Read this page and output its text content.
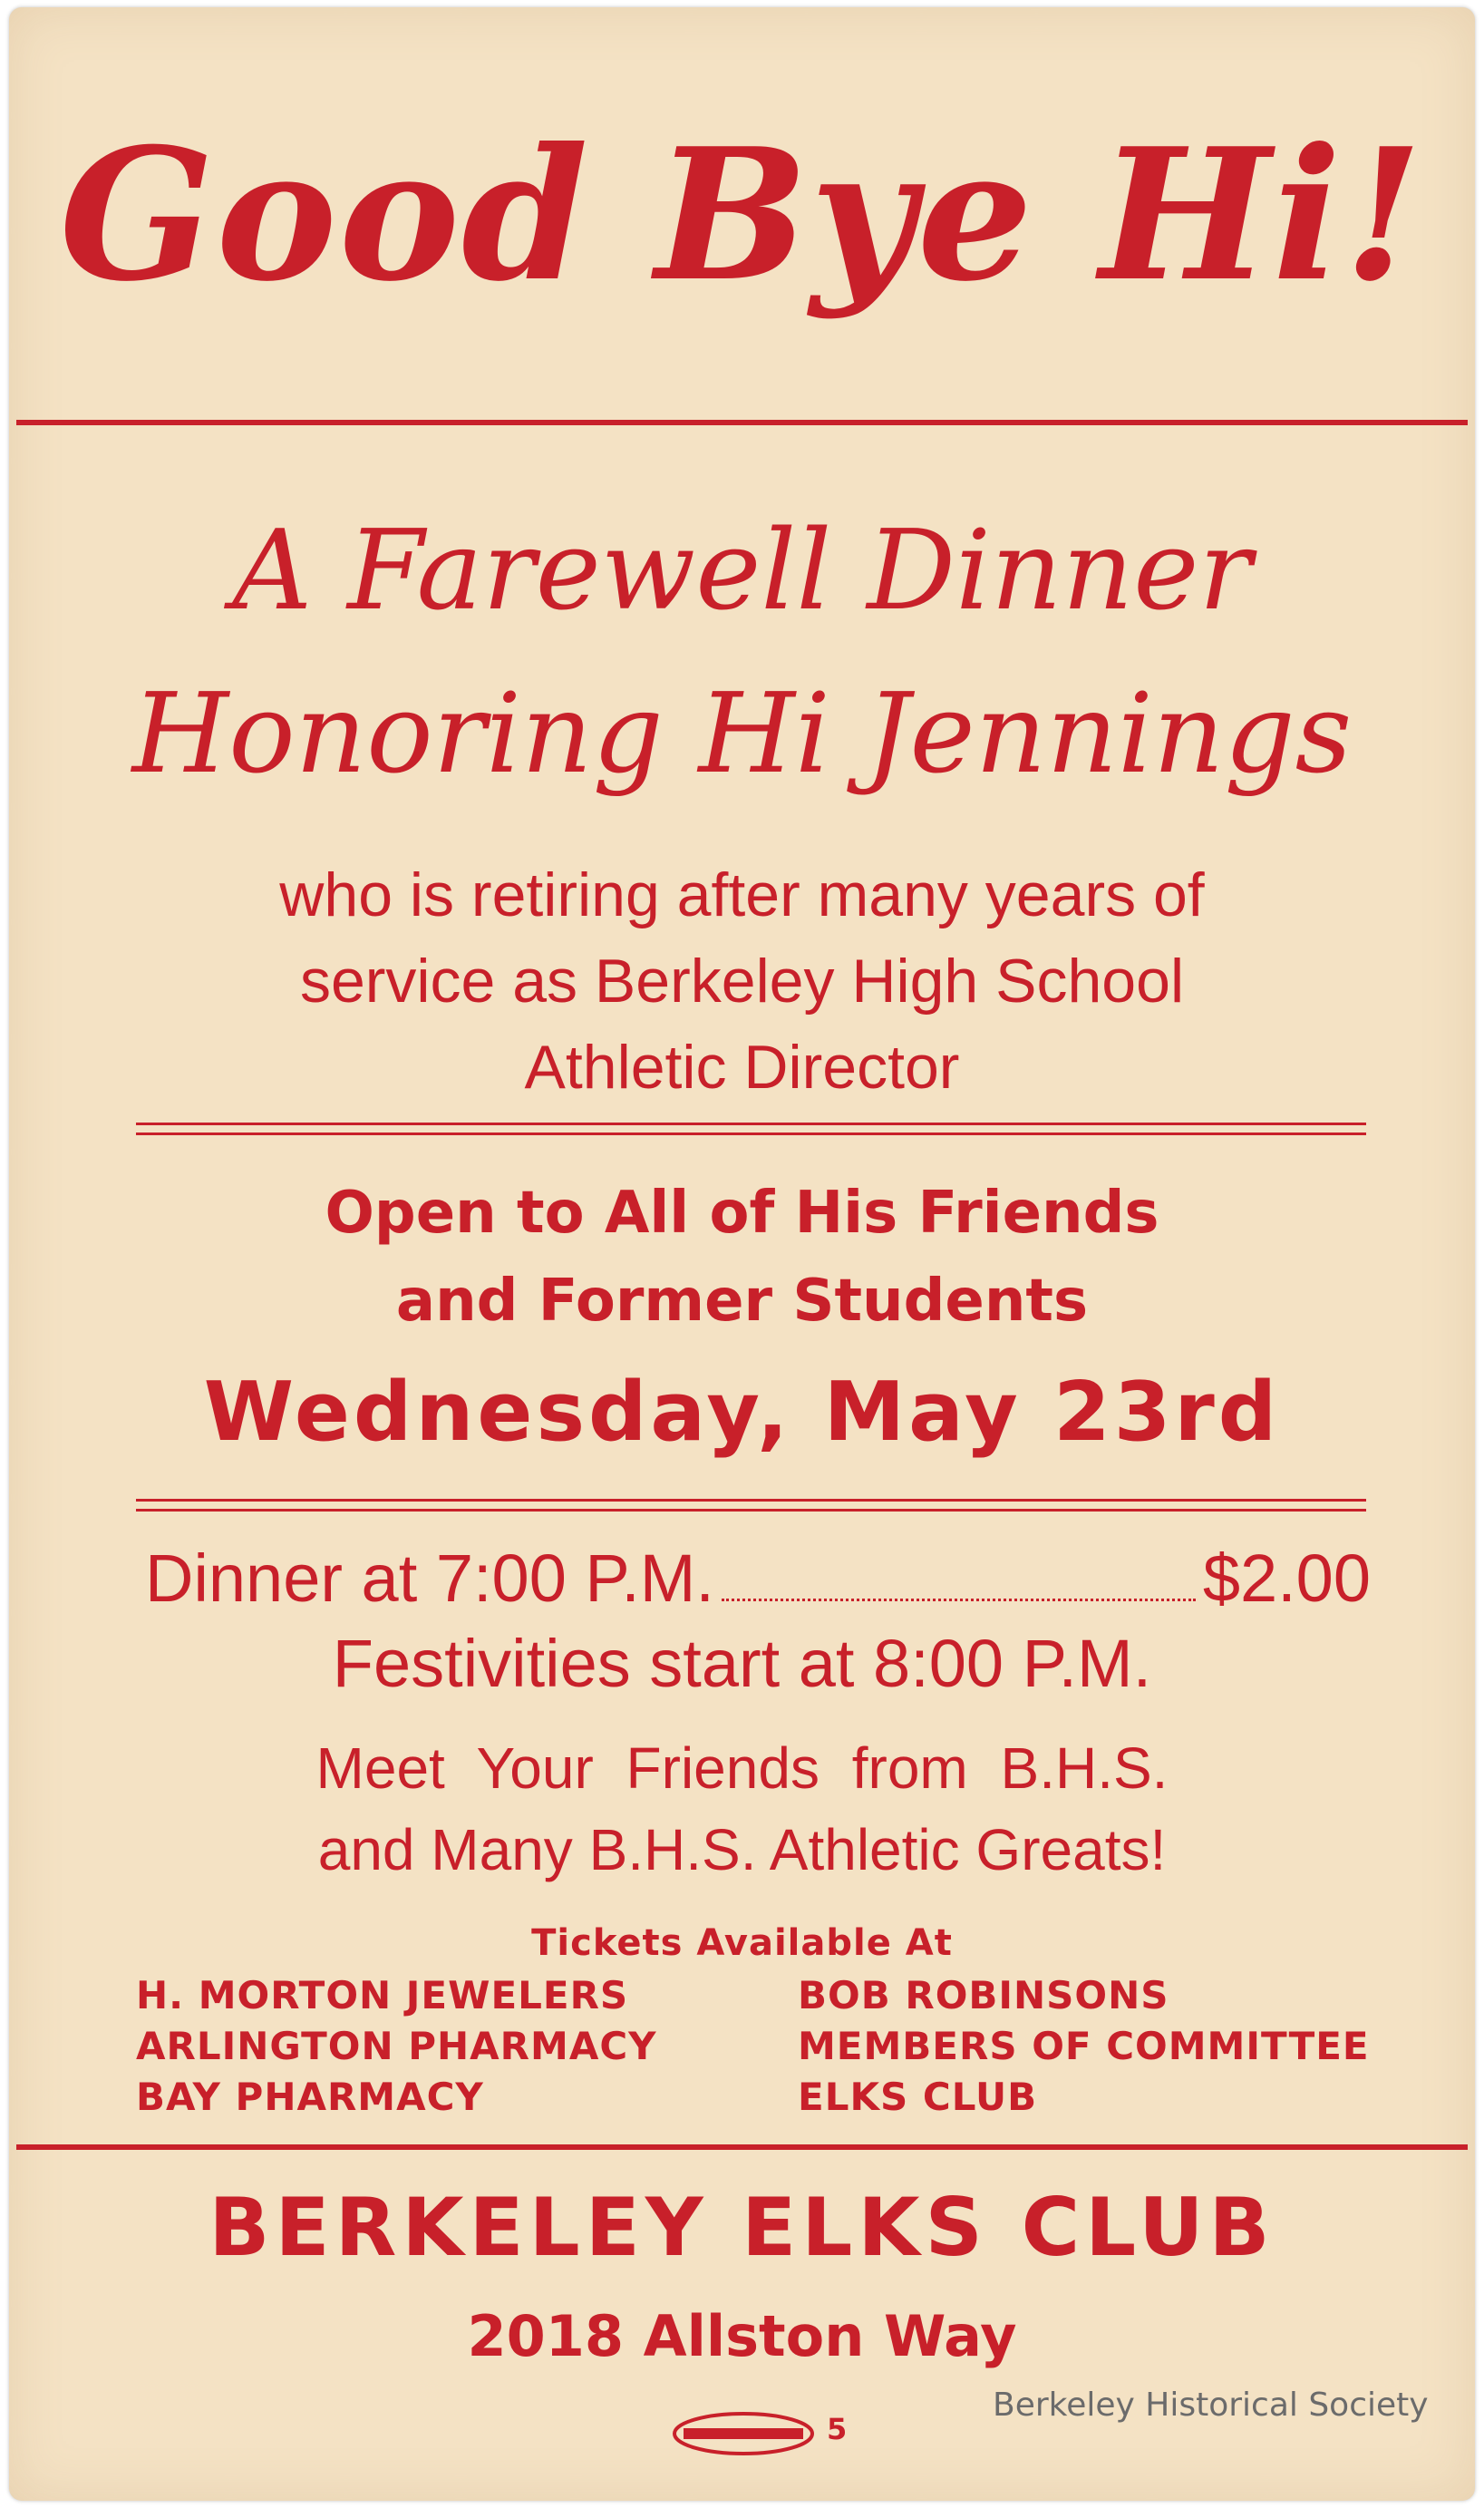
Good Bye Hi!
A Farewell Dinner
Honoring Hi Jennings
who is retiring after many years of
service as Berkeley High School
Athletic Director
Open to All of His Friends
and Former Students
Wednesday, May 23rd
Dinner at 7:00 P.M.	$2.00
Festivities start at 8:00 P.M.
Meet Your Friends from B.H.S.
and Many B.H.S. Athletic Greats!
Tickets Available At
H. MORTON JEWELERS
ARLINGTON PHARMACY
BAY PHARMACY
BOB ROBINSONS
MEMBERS OF COMMITTEE
ELKS CLUB
BERKELEY ELKS CLUB
2018 Allston Way
5
Berkeley Historical Society
